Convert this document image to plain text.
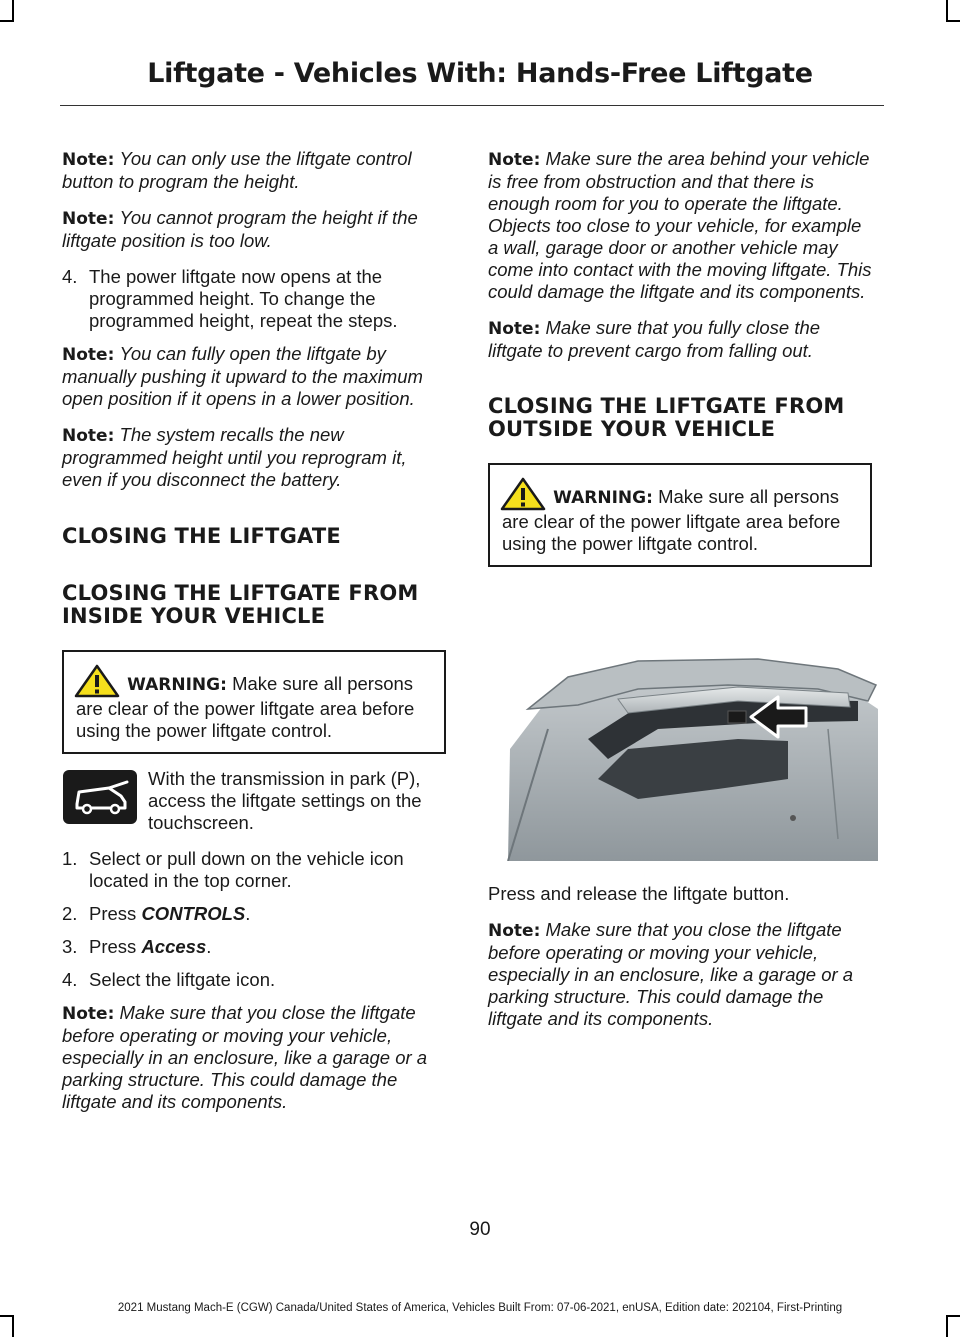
Liftgate - Vehicles With: Hands-Free Liftgate

Note: You can only use the liftgate control button to program the height.

Note: You cannot program the height if the liftgate position is too low.

4. The power liftgate now opens at the programmed height. To change the programmed height, repeat the steps.

Note: You can fully open the liftgate by manually pushing it upward to the maximum open position if it opens in a lower position.

Note: The system recalls the new programmed height until you reprogram it, even if you disconnect the battery.

CLOSING THE LIFTGATE
CLOSING THE LIFTGATE FROM INSIDE YOUR VEHICLE
WARNING: Make sure all persons are clear of the power liftgate area before using the power liftgate control.
With the transmission in park (P), access the liftgate settings on the touchscreen.
1. Select or pull down on the vehicle icon located in the top corner.
2. Press CONTROLS.
3. Press Access.
4. Select the liftgate icon.

Note: Make sure that you close the liftgate before operating or moving your vehicle, especially in an enclosure, like a garage or a parking structure. This could damage the liftgate and its components.

Note: Make sure the area behind your vehicle is free from obstruction and that there is enough room for you to operate the liftgate. Objects too close to your vehicle, for example a wall, garage door or another vehicle may come into contact with the moving liftgate. This could damage the liftgate and its components.

Note: Make sure that you fully close the liftgate to prevent cargo from falling out.

CLOSING THE LIFTGATE FROM OUTSIDE YOUR VEHICLE
WARNING: Make sure all persons are clear of the power liftgate area before using the power liftgate control.

Press and release the liftgate button.

Note: Make sure that you close the liftgate before operating or moving your vehicle, especially in an enclosure, like a garage or a parking structure. This could damage the liftgate and its components.

90
2021 Mustang Mach-E (CGW) Canada/United States of America, Vehicles Built From: 07-06-2021, enUSA, Edition date: 202104, First-Printing
